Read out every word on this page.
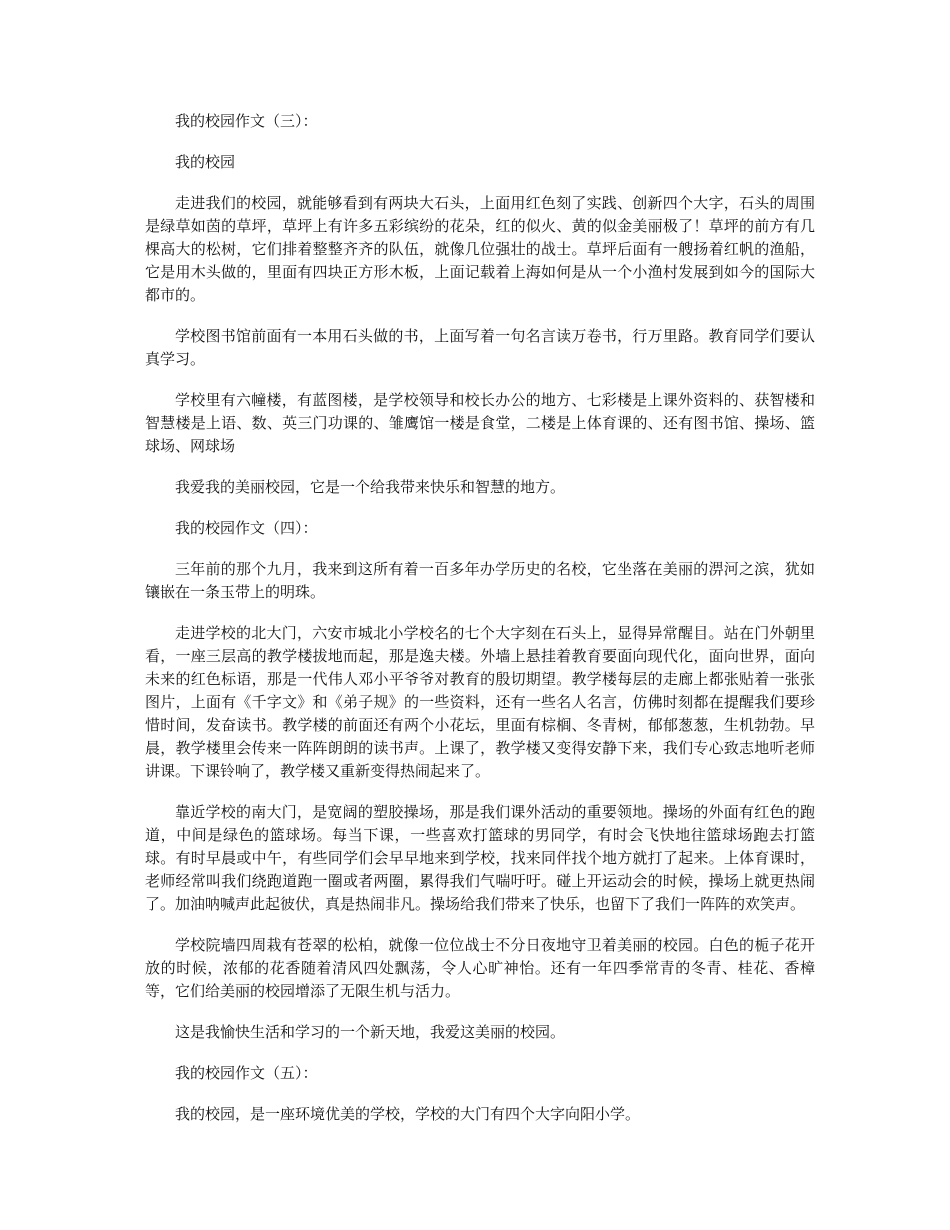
我的校园作文（三）：

我的校园

走进我们的校园，就能够看到有两块大石头，上面用红色刻了实践、创新四个大字，石头的周围是绿草如茵的草坪，草坪上有许多五彩缤纷的花朵，红的似火、黄的似金美丽极了！草坪的前方有几棵高大的松树，它们排着整整齐齐的队伍，就像几位强壮的战士。草坪后面有一艘扬着红帆的渔船，它是用木头做的，里面有四块正方形木板，上面记载着上海如何是从一个小渔村发展到如今的国际大都市的。

学校图书馆前面有一本用石头做的书，上面写着一句名言读万卷书，行万里路。教育同学们要认真学习。

学校里有六幢楼，有蓝图楼，是学校领导和校长办公的地方、七彩楼是上课外资料的、获智楼和智慧楼是上语、数、英三门功课的、雏鹰馆一楼是食堂，二楼是上体育课的、还有图书馆、操场、篮球场、网球场

我爱我的美丽校园，它是一个给我带来快乐和智慧的地方。

我的校园作文（四）：

三年前的那个九月，我来到这所有着一百多年办学历史的名校，它坐落在美丽的淠河之滨，犹如镶嵌在一条玉带上的明珠。

走进学校的北大门，六安市城北小学校名的七个大字刻在石头上，显得异常醒目。站在门外朝里看，一座三层高的教学楼拔地而起，那是逸夫楼。外墙上悬挂着教育要面向现代化，面向世界，面向未来的红色标语，那是一代伟人邓小平爷爷对教育的殷切期望。教学楼每层的走廊上都张贴着一张张图片，上面有《千字文》和《弟子规》的一些资料，还有一些名人名言，仿佛时刻都在提醒我们要珍惜时间，发奋读书。教学楼的前面还有两个小花坛，里面有棕榈、冬青树，郁郁葱葱，生机勃勃。早晨，教学楼里会传来一阵阵朗朗的读书声。上课了，教学楼又变得安静下来，我们专心致志地听老师讲课。下课铃响了，教学楼又重新变得热闹起来了。

靠近学校的南大门，是宽阔的塑胶操场，那是我们课外活动的重要领地。操场的外面有红色的跑道，中间是绿色的篮球场。每当下课，一些喜欢打篮球的男同学，有时会飞快地往篮球场跑去打篮球。有时早晨或中午，有些同学们会早早地来到学校，找来同伴找个地方就打了起来。上体育课时，老师经常叫我们绕跑道跑一圈或者两圈，累得我们气喘吁吁。碰上开运动会的时候，操场上就更热闹了。加油呐喊声此起彼伏，真是热闹非凡。操场给我们带来了快乐，也留下了我们一阵阵的欢笑声。

学校院墙四周栽有苍翠的松柏，就像一位位战士不分日夜地守卫着美丽的校园。白色的栀子花开放的时候，浓郁的花香随着清风四处飘荡，令人心旷神怡。还有一年四季常青的冬青、桂花、香樟等，它们给美丽的校园增添了无限生机与活力。

这是我愉快生活和学习的一个新天地，我爱这美丽的校园。

我的校园作文（五）：

我的校园，是一座环境优美的学校，学校的大门有四个大字向阳小学。
